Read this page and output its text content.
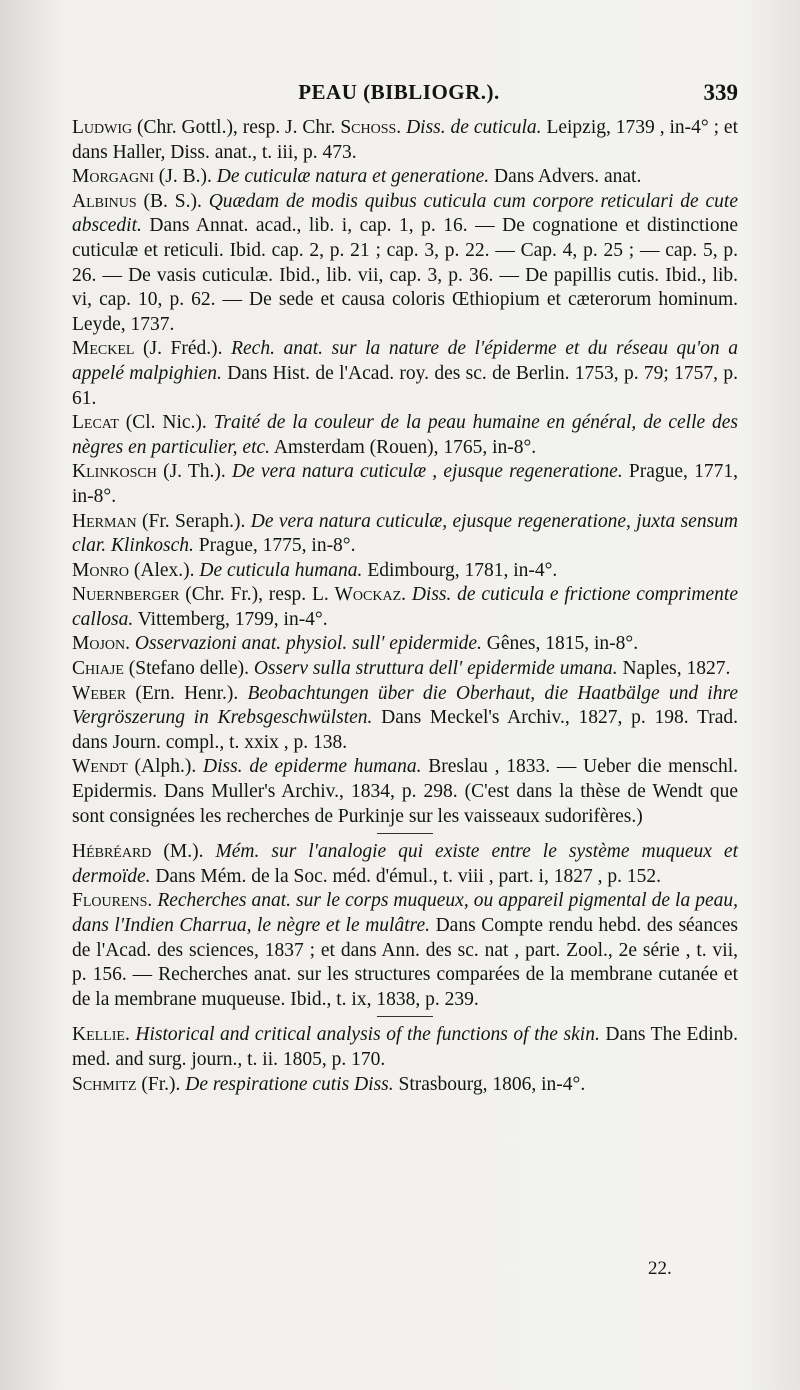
PEAU (BIBLIOGR.).	339

Ludwig (Chr. Gottl.), resp. J. Chr. Schoss. Diss. de cuticula. Leipzig, 1739 , in-4° ; et dans Haller, Diss. anat., t. iii, p. 473.

Morgagni (J. B.). De cuticulæ natura et generatione. Dans Advers. anat.

Albinus (B. S.). Quædam de modis quibus cuticula cum corpore reticulari de cute abscedit. Dans Annat. acad., lib. i, cap. 1, p. 16. — De cognatione et distinctione cuticulæ et reticuli. Ibid. cap. 2, p. 21 ; cap. 3, p. 22. — Cap. 4, p. 25 ; — cap. 5, p. 26. — De vasis cuticulæ. Ibid., lib. vii, cap. 3, p. 36. — De papillis cutis. Ibid., lib. vi, cap. 10, p. 62. — De sede et causa coloris Œthiopium et cæterorum hominum. Leyde, 1737.

Meckel (J. Fréd.). Rech. anat. sur la nature de l'épiderme et du réseau qu'on a appelé malpighien. Dans Hist. de l'Acad. roy. des sc. de Berlin. 1753, p. 79; 1757, p. 61.

Lecat (Cl. Nic.). Traité de la couleur de la peau humaine en général, de celle des nègres en particulier, etc. Amsterdam (Rouen), 1765, in-8°.

Klinkosch (J. Th.). De vera natura cuticulæ , ejusque regeneratione. Prague, 1771, in-8°.

Herman (Fr. Seraph.). De vera natura cuticulæ, ejusque regeneratione, juxta sensum clar. Klinkosch. Prague, 1775, in-8°.

Monro (Alex.). De cuticula humana. Edimbourg, 1781, in-4°.

Nuernberger (Chr. Fr.), resp. L. Wockaz. Diss. de cuticula e frictione comprimente callosa. Vittemberg, 1799, in-4°.

Mojon. Osservazioni anat. physiol. sull' epidermide. Gênes, 1815, in-8°.

Chiaje (Stefano delle). Osserv sulla struttura dell' epidermide umana. Naples, 1827.

Weber (Ern. Henr.). Beobachtungen über die Oberhaut, die Haatbälge und ihre Vergröszerung in Krebsgeschwülsten. Dans Meckel's Archiv., 1827, p. 198. Trad. dans Journ. compl., t. xxix , p. 138.

Wendt (Alph.). Diss. de epiderme humana. Breslau , 1833. — Ueber die menschl. Epidermis. Dans Muller's Archiv., 1834, p. 298. (C'est dans la thèse de Wendt que sont consignées les recherches de Purkinje sur les vaisseaux sudorifères.)

Hébréard (M.). Mém. sur l'analogie qui existe entre le système muqueux et dermoïde. Dans Mém. de la Soc. méd. d'émul., t. viii , part. i, 1827 , p. 152.

Flourens. Recherches anat. sur le corps muqueux, ou appareil pigmental de la peau, dans l'Indien Charrua, le nègre et le mulâtre. Dans Compte rendu hebd. des séances de l'Acad. des sciences, 1837 ; et dans Ann. des sc. nat , part. Zool., 2e série , t. vii, p. 156. — Recherches anat. sur les structures comparées de la membrane cutanée et de la membrane muqueuse. Ibid., t. ix, 1838, p. 239.

Kellie. Historical and critical analysis of the functions of the skin. Dans The Edinb. med. and surg. journ., t. ii. 1805, p. 170.

Schmitz (Fr.). De respiratione cutis Diss. Strasbourg, 1806, in-4°.

22.
